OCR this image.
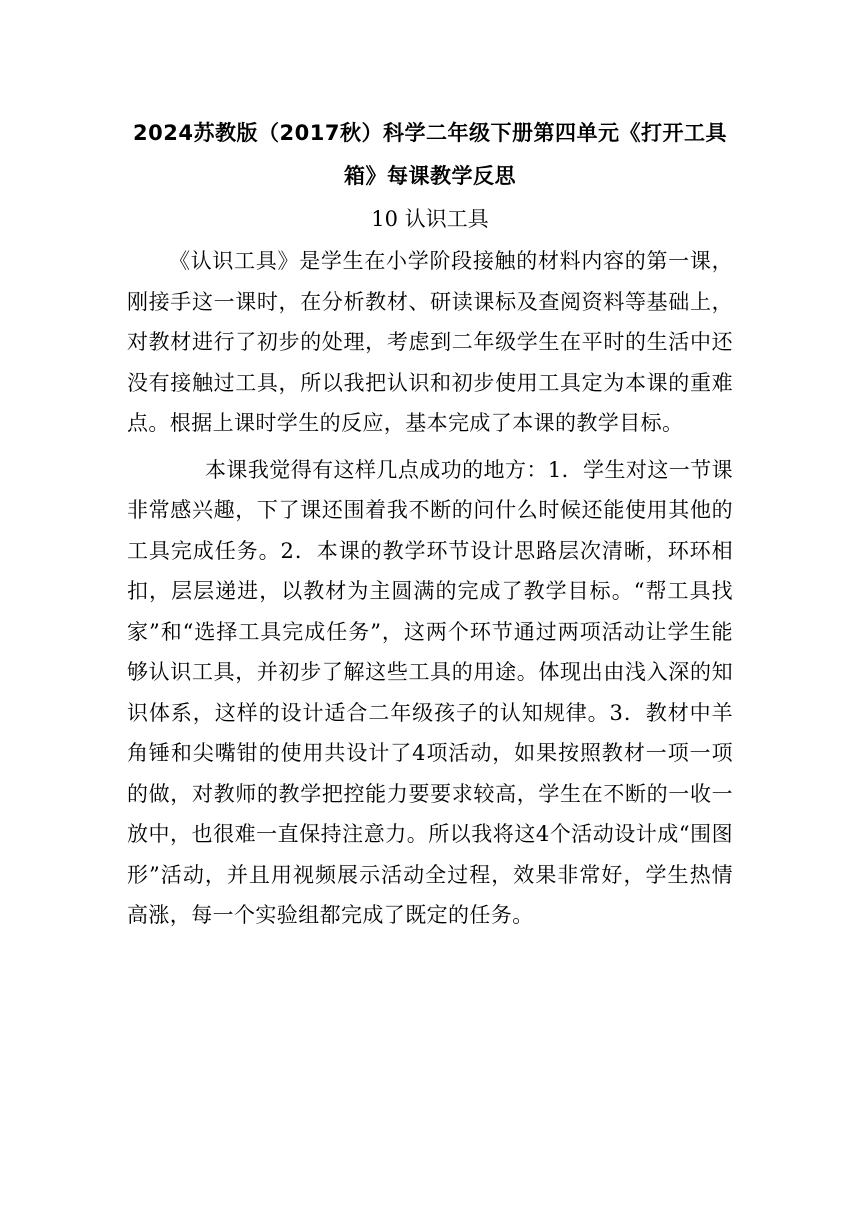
2024苏教版（2017秋）科学二年级下册第四单元《打开工具箱》每课教学反思

10 认识工具

《认识工具》是学生在小学阶段接触的材料内容的第一课，刚接手这一课时，在分析教材、研读课标及查阅资料等基础上，对教材进行了初步的处理，考虑到二年级学生在平时的生活中还没有接触过工具，所以我把认识和初步使用工具定为本课的重难点。根据上课时学生的反应，基本完成了本课的教学目标。

本课我觉得有这样几点成功的地方：1．学生对这一节课非常感兴趣，下了课还围着我不断的问什么时候还能使用其他的工具完成任务。2．本课的教学环节设计思路层次清晰，环环相扣，层层递进，以教材为主圆满的完成了教学目标。“帮工具找家”和“选择工具完成任务”，这两个环节通过两项活动让学生能够认识工具，并初步了解这些工具的用途。体现出由浅入深的知识体系，这样的设计适合二年级孩子的认知规律。3．教材中羊角锤和尖嘴钳的使用共设计了4项活动，如果按照教材一项一项的做，对教师的教学把控能力要要求较高，学生在不断的一收一放中，也很难一直保持注意力。所以我将这4个活动设计成“围图形”活动，并且用视频展示活动全过程，效果非常好，学生热情高涨，每一个实验组都完成了既定的任务。
